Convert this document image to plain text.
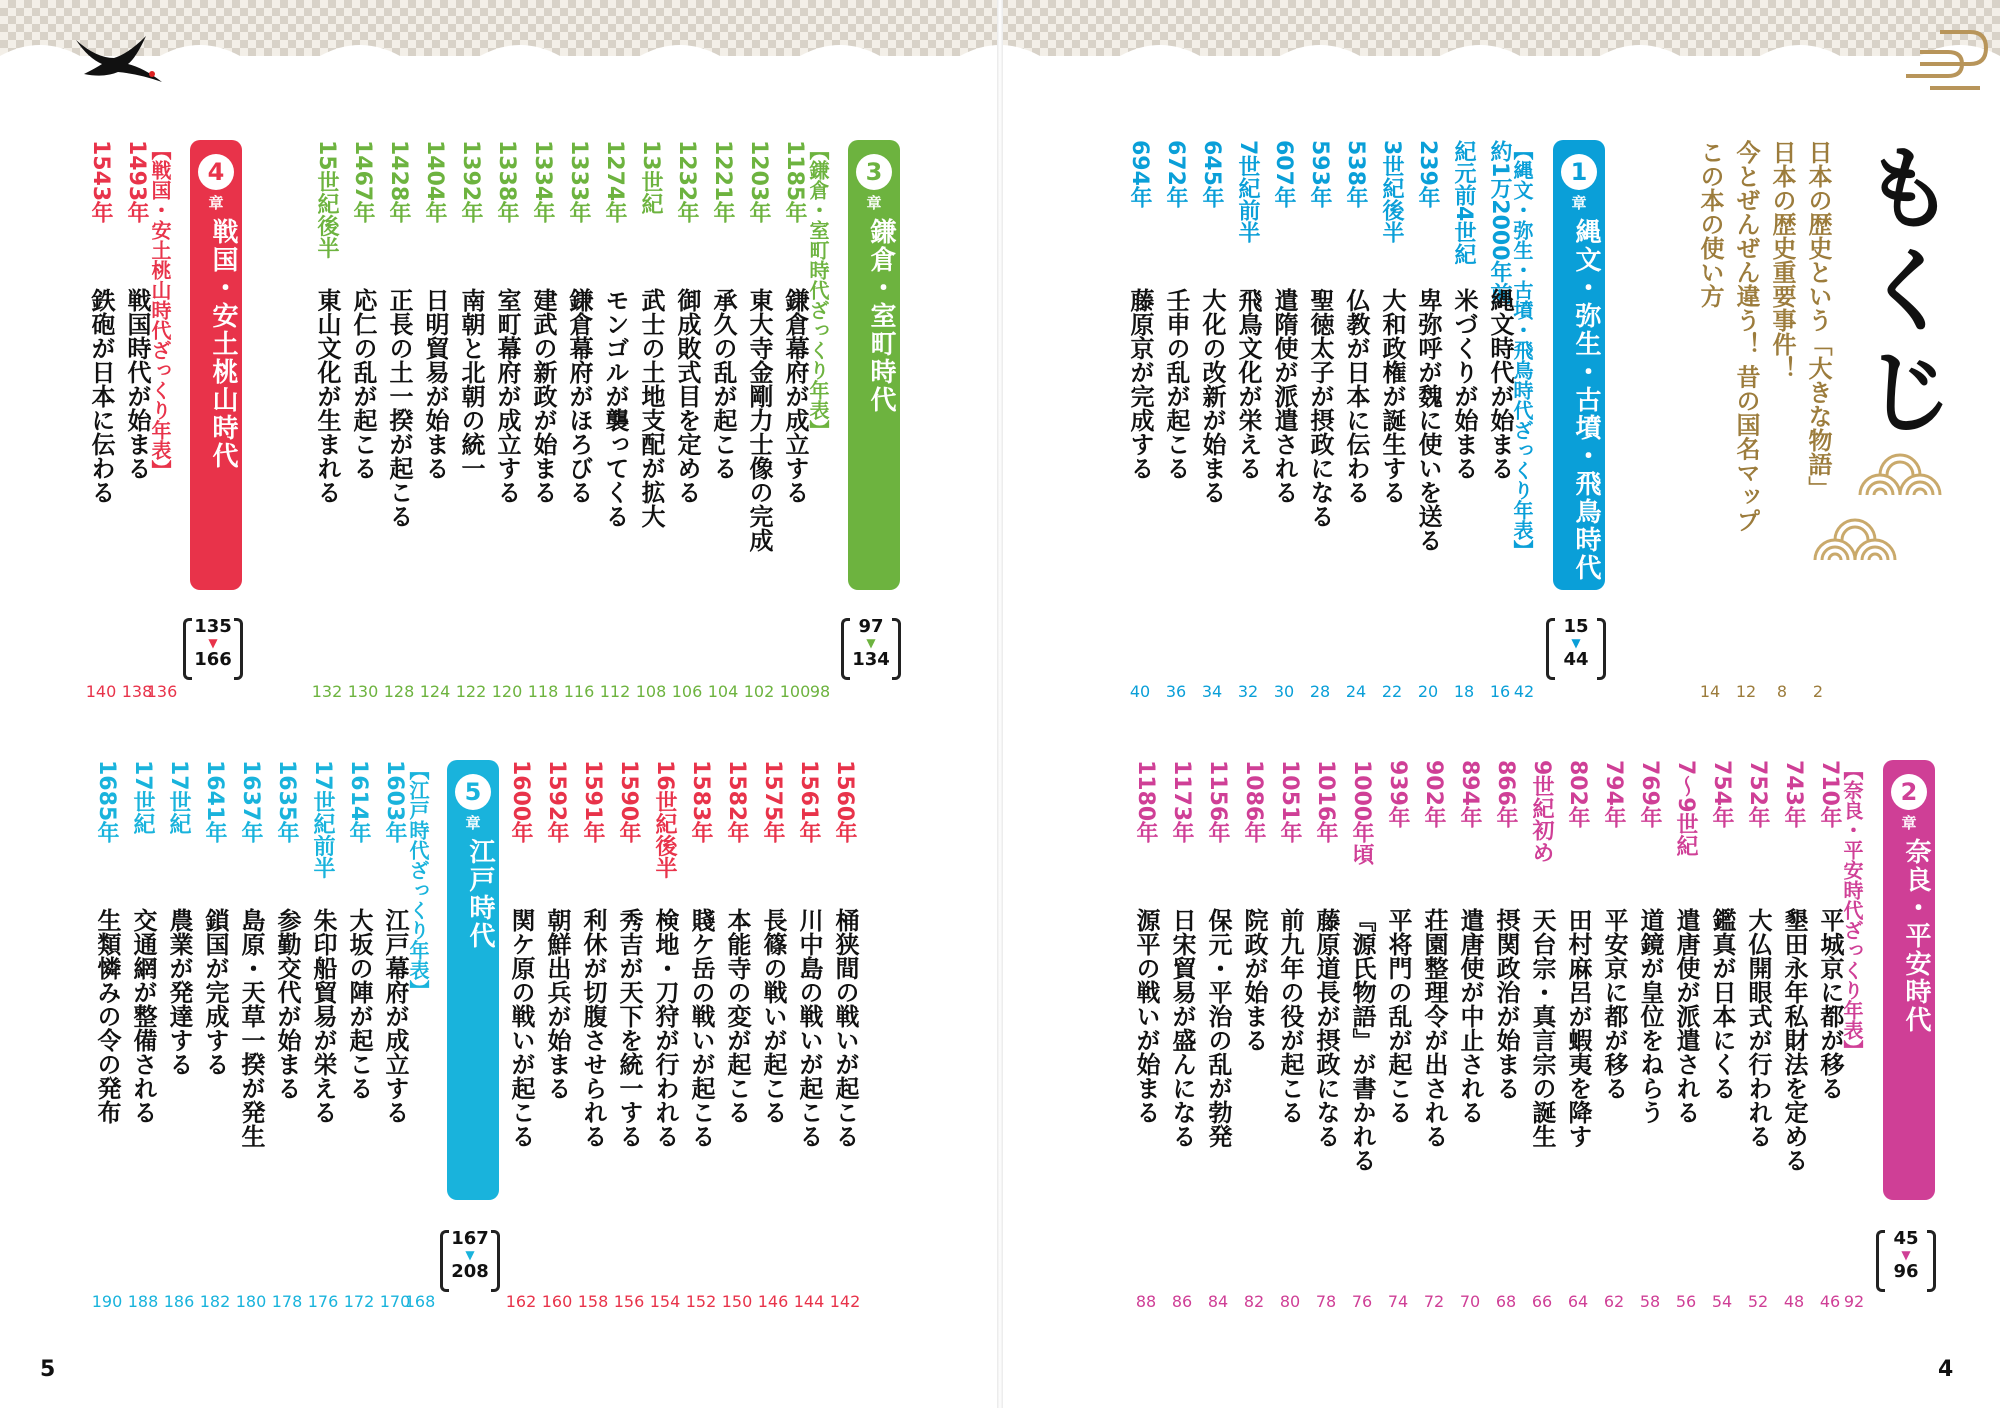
もくじ
5	4
日本の歴史という「大きな物語」
2
日本の歴史重要事件！
8
今とぜんぜん違う！ 昔の国名マップ
12
この本の使い方
14
1
章
縄文・弥生・古墳・飛鳥時代
15
▼
44
【縄文・弥生・古墳・飛鳥時代ざっくり年表】
42
約1万2000年前
縄文時代が始まる
16
紀元前4世紀
米づくりが始まる
18
239年
卑弥呼が魏に使いを送る
20
3世紀後半
大和政権が誕生する
22
538年
仏教が日本に伝わる
24
593年
聖徳太子が摂政になる
28
607年
遣隋使が派遣される
30
7世紀前半
飛鳥文化が栄える
32
645年
大化の改新が始まる
34
672年
壬申の乱が起こる
36
694年
藤原京が完成する
40
2
章
奈良・平安時代
45
▼
96
【奈良・平安時代ざっくり年表】
92
710年
平城京に都が移る
46
743年
墾田永年私財法を定める
48
752年
大仏開眼式が行われる
52
754年
鑑真が日本にくる
54
7〜9世紀
遣唐使が派遣される
56
769年
道鏡が皇位をねらう
58
794年
平安京に都が移る
62
802年
田村麻呂が蝦夷を降す
64
9世紀初め
天台宗・真言宗の誕生
66
866年
摂関政治が始まる
68
894年
遣唐使が中止される
70
902年
荘園整理令が出される
72
939年
平将門の乱が起こる
74
1000年頃
『源氏物語』が書かれる
76
1016年
藤原道長が摂政になる
78
1051年
前九年の役が起こる
80
1086年
院政が始まる
82
1156年
保元・平治の乱が勃発
84
1173年
日宋貿易が盛んになる
86
1180年
源平の戦いが始まる
88
3
章
鎌倉・室町時代
97
▼
134
【鎌倉・室町時代ざっくり年表】
98
1185年
鎌倉幕府が成立する
100
1203年
東大寺金剛力士像の完成
102
1221年
承久の乱が起こる
104
1232年
御成敗式目を定める
106
13世紀
武士の土地支配が拡大
108
1274年
モンゴルが襲ってくる
112
1333年
鎌倉幕府がほろびる
116
1334年
建武の新政が始まる
118
1338年
室町幕府が成立する
120
1392年
南朝と北朝の統一
122
1404年
日明貿易が始まる
124
1428年
正長の土一揆が起こる
128
1467年
応仁の乱が起こる
130
15世紀後半
東山文化が生まれる
132
4
章
戦国・安土桃山時代
135
▼
166
【戦国・安土桃山時代ざっくり年表】
136
1493年
戦国時代が始まる
138
1543年
鉄砲が日本に伝わる
140
1560年
桶狭間の戦いが起こる
142
1561年
川中島の戦いが起こる
144
1575年
長篠の戦いが起こる
146
1582年
本能寺の変が起こる
150
1583年
賤ケ岳の戦いが起こる
152
16世紀後半
検地・刀狩が行われる
154
1590年
秀吉が天下を統一する
156
1591年
利休が切腹させられる
158
1592年
朝鮮出兵が始まる
160
1600年
関ケ原の戦いが起こる
162
5
章
江戸時代
167
▼
208
【江戸時代ざっくり年表】
168
1603年
江戸幕府が成立する
170
1614年
大坂の陣が起こる
172
17世紀前半
朱印船貿易が栄える
176
1635年
参勤交代が始まる
178
1637年
島原・天草一揆が発生
180
1641年
鎖国が完成する
182
17世紀
農業が発達する
186
17世紀
交通網が整備される
188
1685年
生類憐みの令の発布
190
